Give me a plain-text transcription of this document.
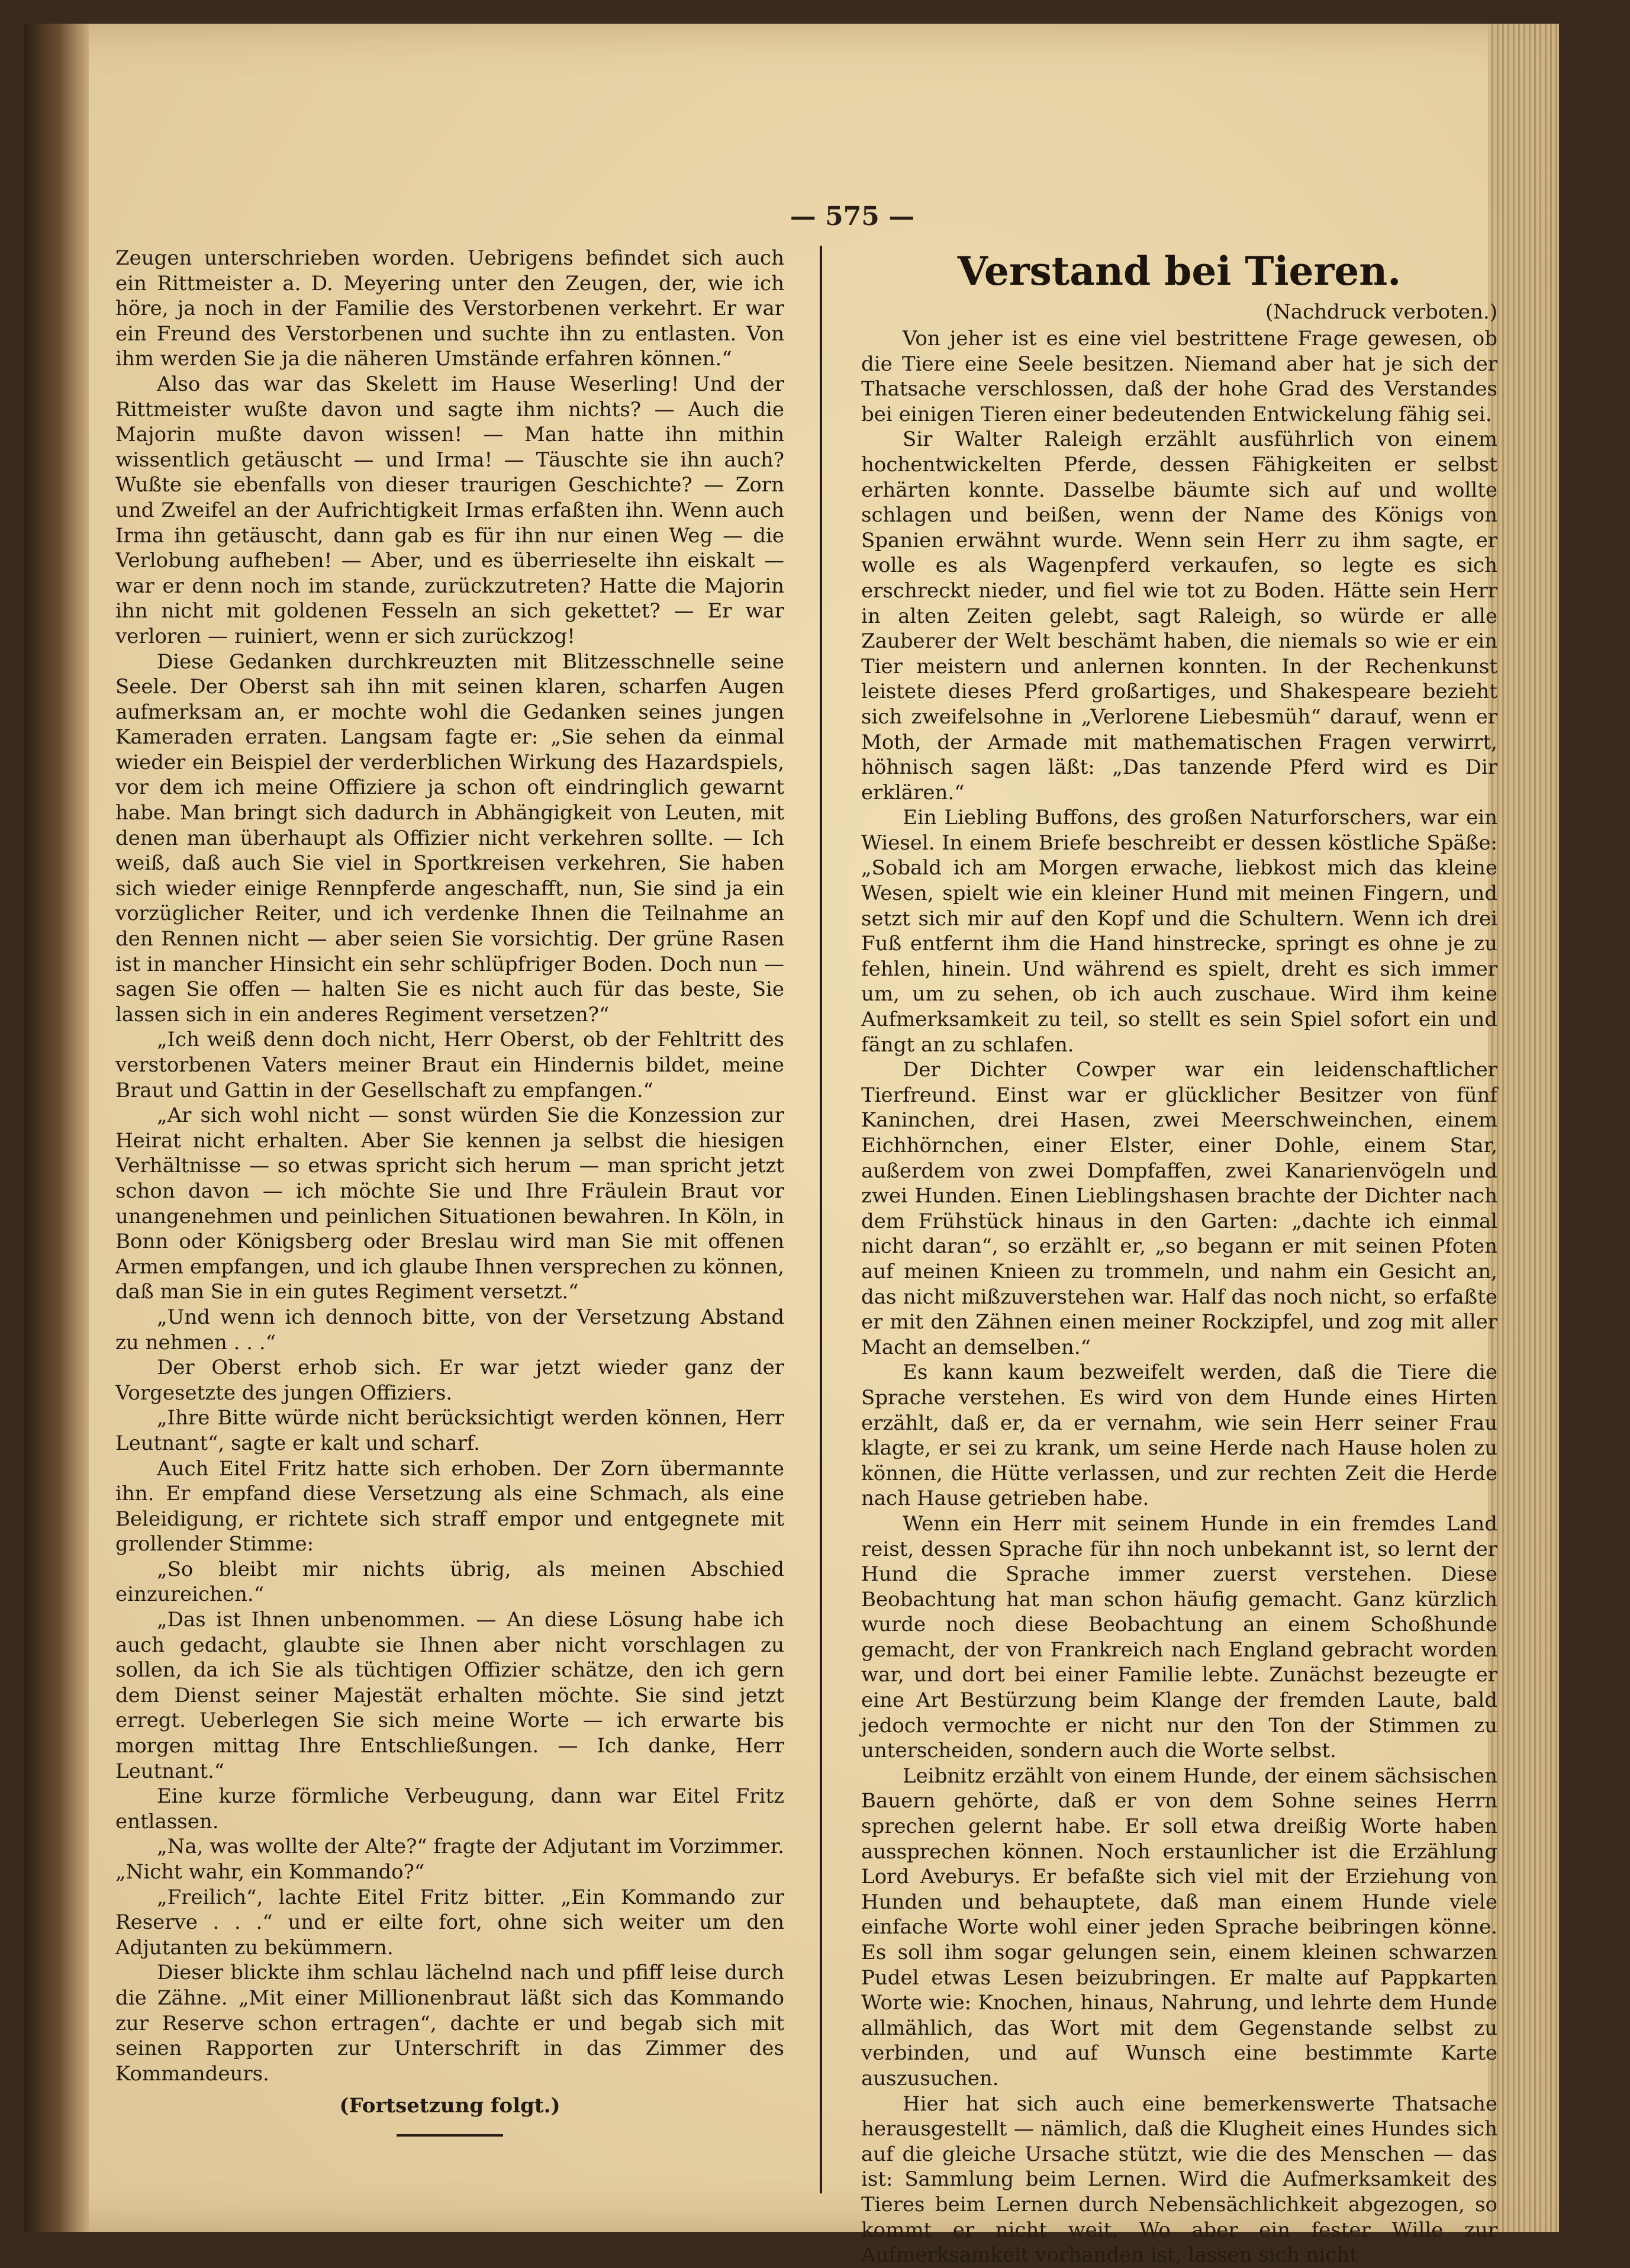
— 575 —

Zeugen unterschrieben worden. Uebrigens befindet sich auch ein Rittmeister a. D. Meyering unter den Zeugen, der, wie ich höre, ja noch in der Familie des Verstorbenen verkehrt. Er war ein Freund des Verstorbenen und suchte ihn zu entlasten. Von ihm werden Sie ja die näheren Umstände erfahren können.“

Also das war das Skelett im Hause Weserling! Und der Rittmeister wußte davon und sagte ihm nichts? — Auch die Majorin mußte davon wissen! — Man hatte ihn mithin wissentlich getäuscht — und Irma! — Täuschte sie ihn auch? Wußte sie ebenfalls von dieser traurigen Geschichte? — Zorn und Zweifel an der Aufrichtigkeit Irmas erfaßten ihn. Wenn auch Irma ihn getäuscht, dann gab es für ihn nur einen Weg — die Verlobung aufheben! — Aber, und es überrieselte ihn eiskalt — war er denn noch im stande, zurückzutreten? Hatte die Majorin ihn nicht mit goldenen Fesseln an sich gekettet? — Er war verloren — ruiniert, wenn er sich zurückzog!

Diese Gedanken durchkreuzten mit Blitzesschnelle seine Seele. Der Oberst sah ihn mit seinen klaren, scharfen Augen aufmerksam an, er mochte wohl die Gedanken seines jungen Kameraden erraten. Langsam fagte er: „Sie sehen da einmal wieder ein Beispiel der verderblichen Wirkung des Hazardspiels, vor dem ich meine Offiziere ja schon oft eindringlich gewarnt habe. Man bringt sich dadurch in Abhängigkeit von Leuten, mit denen man überhaupt als Offizier nicht verkehren sollte. — Ich weiß, daß auch Sie viel in Sportkreisen verkehren, Sie haben sich wieder einige Rennpferde angeschafft, nun, Sie sind ja ein vorzüglicher Reiter, und ich verdenke Ihnen die Teilnahme an den Rennen nicht — aber seien Sie vorsichtig. Der grüne Rasen ist in mancher Hinsicht ein sehr schlüpfriger Boden. Doch nun — sagen Sie offen — halten Sie es nicht auch für das beste, Sie lassen sich in ein anderes Regiment versetzen?“

„Ich weiß denn doch nicht, Herr Oberst, ob der Fehltritt des verstorbenen Vaters meiner Braut ein Hindernis bildet, meine Braut und Gattin in der Gesellschaft zu empfangen.“

„Ar sich wohl nicht — sonst würden Sie die Konzession zur Heirat nicht erhalten. Aber Sie kennen ja selbst die hiesigen Verhältnisse — so etwas spricht sich herum — man spricht jetzt schon davon — ich möchte Sie und Ihre Fräulein Braut vor unangenehmen und peinlichen Situationen bewahren. In Köln, in Bonn oder Königsberg oder Breslau wird man Sie mit offenen Armen empfangen, und ich glaube Ihnen versprechen zu können, daß man Sie in ein gutes Regiment versetzt.“

„Und wenn ich dennoch bitte, von der Versetzung Abstand zu nehmen . . .“

Der Oberst erhob sich. Er war jetzt wieder ganz der Vorgesetzte des jungen Offiziers.

„Ihre Bitte würde nicht berücksichtigt werden können, Herr Leutnant“, sagte er kalt und scharf.

Auch Eitel Fritz hatte sich erhoben. Der Zorn übermannte ihn. Er empfand diese Versetzung als eine Schmach, als eine Beleidigung, er richtete sich straff empor und entgegnete mit grollender Stimme:

„So bleibt mir nichts übrig, als meinen Abschied einzureichen.“

„Das ist Ihnen unbenommen. — An diese Lösung habe ich auch gedacht, glaubte sie Ihnen aber nicht vorschlagen zu sollen, da ich Sie als tüchtigen Offizier schätze, den ich gern dem Dienst seiner Majestät erhalten möchte. Sie sind jetzt erregt. Ueberlegen Sie sich meine Worte — ich erwarte bis morgen mittag Ihre Entschließungen. — Ich danke, Herr Leutnant.“

Eine kurze förmliche Verbeugung, dann war Eitel Fritz entlassen.

„Na, was wollte der Alte?“ fragte der Adjutant im Vorzimmer. „Nicht wahr, ein Kommando?“

„Freilich“, lachte Eitel Fritz bitter. „Ein Kommando zur Reserve . . .“ und er eilte fort, ohne sich weiter um den Adjutanten zu bekümmern.

Dieser blickte ihm schlau lächelnd nach und pfiff leise durch die Zähne. „Mit einer Millionenbraut läßt sich das Kommando zur Reserve schon ertragen“, dachte er und begab sich mit seinen Rapporten zur Unterschrift in das Zimmer des Kommandeurs.

(Fortsetzung folgt.)
Verstand bei Tieren.
(Nachdruck verboten.)

Von jeher ist es eine viel bestrittene Frage gewesen, ob die Tiere eine Seele besitzen. Niemand aber hat je sich der Thatsache verschlossen, daß der hohe Grad des Verstandes bei einigen Tieren einer bedeutenden Entwickelung fähig sei.

Sir Walter Raleigh erzählt ausführlich von einem hochentwickelten Pferde, dessen Fähigkeiten er selbst erhärten konnte. Dasselbe bäumte sich auf und wollte schlagen und beißen, wenn der Name des Königs von Spanien erwähnt wurde. Wenn sein Herr zu ihm sagte, er wolle es als Wagenpferd verkaufen, so legte es sich erschreckt nieder, und fiel wie tot zu Boden. Hätte sein Herr in alten Zeiten gelebt, sagt Raleigh, so würde er alle Zauberer der Welt beschämt haben, die niemals so wie er ein Tier meistern und anlernen konnten. In der Rechenkunst leistete dieses Pferd großartiges, und Shakespeare bezieht sich zweifelsohne in „Verlorene Liebesmüh“ darauf, wenn er Moth, der Armade mit mathematischen Fragen verwirrt, höhnisch sagen läßt: „Das tanzende Pferd wird es Dir erklären.“

Ein Liebling Buffons, des großen Naturforschers, war ein Wiesel. In einem Briefe beschreibt er dessen köstliche Späße: „Sobald ich am Morgen erwache, liebkost mich das kleine Wesen, spielt wie ein kleiner Hund mit meinen Fingern, und setzt sich mir auf den Kopf und die Schultern. Wenn ich drei Fuß entfernt ihm die Hand hinstrecke, springt es ohne je zu fehlen, hinein. Und während es spielt, dreht es sich immer um, um zu sehen, ob ich auch zuschaue. Wird ihm keine Aufmerksamkeit zu teil, so stellt es sein Spiel sofort ein und fängt an zu schlafen.

Der Dichter Cowper war ein leidenschaftlicher Tierfreund. Einst war er glücklicher Besitzer von fünf Kaninchen, drei Hasen, zwei Meerschweinchen, einem Eichhörnchen, einer Elster, einer Dohle, einem Star, außerdem von zwei Dompfaffen, zwei Kanarienvögeln und zwei Hunden. Einen Lieblingshasen brachte der Dichter nach dem Frühstück hinaus in den Garten: „dachte ich einmal nicht daran“, so erzählt er, „so begann er mit seinen Pfoten auf meinen Knieen zu trommeln, und nahm ein Gesicht an, das nicht mißzuverstehen war. Half das noch nicht, so erfaßte er mit den Zähnen einen meiner Rockzipfel, und zog mit aller Macht an demselben.“

Es kann kaum bezweifelt werden, daß die Tiere die Sprache verstehen. Es wird von dem Hunde eines Hirten erzählt, daß er, da er vernahm, wie sein Herr seiner Frau klagte, er sei zu krank, um seine Herde nach Hause holen zu können, die Hütte verlassen, und zur rechten Zeit die Herde nach Hause getrieben habe.

Wenn ein Herr mit seinem Hunde in ein fremdes Land reist, dessen Sprache für ihn noch unbekannt ist, so lernt der Hund die Sprache immer zuerst verstehen. Diese Beobachtung hat man schon häufig gemacht. Ganz kürzlich wurde noch diese Beobachtung an einem Schoßhunde gemacht, der von Frankreich nach England gebracht worden war, und dort bei einer Familie lebte. Zunächst bezeugte er eine Art Bestürzung beim Klange der fremden Laute, bald jedoch vermochte er nicht nur den Ton der Stimmen zu unterscheiden, sondern auch die Worte selbst.

Leibnitz erzählt von einem Hunde, der einem sächsischen Bauern gehörte, daß er von dem Sohne seines Herrn sprechen gelernt habe. Er soll etwa dreißig Worte haben aussprechen können. Noch erstaunlicher ist die Erzählung Lord Aveburys. Er befaßte sich viel mit der Erziehung von Hunden und behauptete, daß man einem Hunde viele einfache Worte wohl einer jeden Sprache beibringen könne. Es soll ihm sogar gelungen sein, einem kleinen schwarzen Pudel etwas Lesen beizubringen. Er malte auf Pappkarten Worte wie: Knochen, hinaus, Nahrung, und lehrte dem Hunde allmählich, das Wort mit dem Gegenstande selbst zu verbinden, und auf Wunsch eine bestimmte Karte auszusuchen.

Hier hat sich auch eine bemerkenswerte Thatsache herausgestellt — nämlich, daß die Klugheit eines Hundes sich auf die gleiche Ursache stützt, wie die des Menschen — das ist: Sammlung beim Lernen. Wird die Aufmerksamkeit des Tieres beim Lernen durch Nebensächlichkeit abgezogen, so kommt er nicht weit. Wo aber ein fester Wille zur Aufmerksamkeit vorhanden ist, lassen sich nicht
